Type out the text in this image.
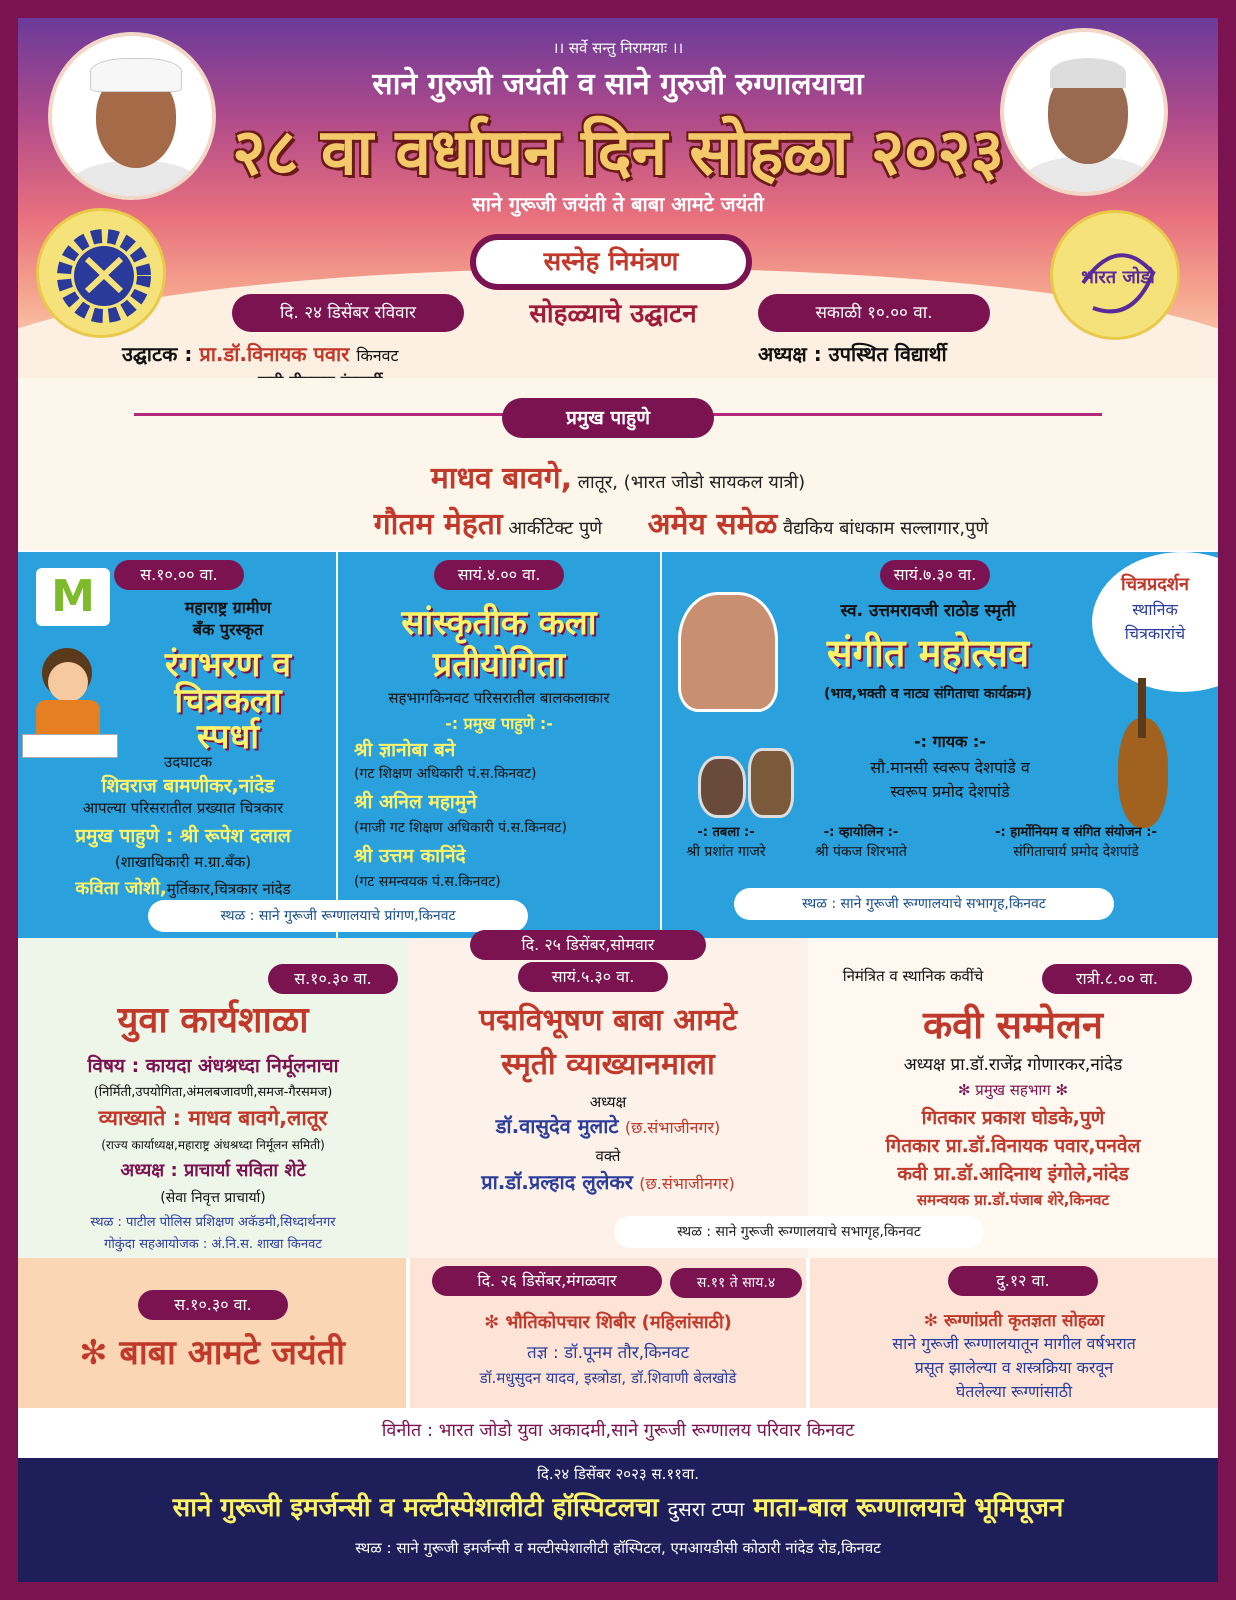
भारत जोडो
।। सर्वे सन्तु निरामयाः ।।
साने गुरुजी जयंती व साने गुरुजी रुग्णालयाचा
२८ वा वर्धापन दिन सोहळा २०२३
साने गुरूजी जयंती ते बाबा आमटे जयंती
सस्नेह निमंत्रण
दि. २४ डिसेंबर रविवार	सोहळ्याचे उद्घाटन	सकाळी १०.०० वा.
उद्घाटक : प्रा.डॉ.विनायक पवार किनवट	अध्यक्ष : उपस्थित विद्यार्थी
प्रमुख पाहुणे
माधव बावगे, लातूर, (भारत जोडो सायकल यात्री)
गौतम मेहता आर्कीटेक्ट पुणे	अमेय समेळ वैद्यकिय बांधकाम सल्लागार,पुणे
स.१०.०० वा.
M	महाराष्ट्र ग्रामीण
बँक पुरस्कृत
रंगभरण व
चित्रकला
स्पर्धा
उदघाटक
शिवराज बामणीकर,नांदेड
आपल्या परिसरातील प्रख्यात चित्रकार
प्रमुख पाहुणे : श्री रूपेश दलाल
(शाखाधिकारी म.ग्रा.बँक)
कविता जोशी,मुर्तिकार,चित्रकार नांदेड
स्थळ : साने गुरूजी रूग्णालयाचे प्रांगण,किनवट
सायं.४.०० वा.
सांस्कृतीक कला
प्रतीयोगिता
सहभागकिनवट परिसरातील बालकलाकार
-: प्रमुख पाहुणे :-
श्री ज्ञानोबा बने
(गट शिक्षण अधिकारी पं.स.किनवट)
श्री अनिल महामुने
(माजी गट शिक्षण अधिकारी पं.स.किनवट)
श्री उत्तम कानिंदे
(गट समन्वयक पं.स.किनवट)
सायं.७.३० वा.
स्व. उत्तमरावजी राठोड स्मृती
संगीत महोत्सव
(भाव,भक्ती व नाट्य संगिताचा कार्यक्रम)
-: गायक :-
सौ.मानसी स्वरूप देशपांडे व
स्वरूप प्रमोद देशपांडे
-: तबला :-
श्री प्रशांत गाजरे
-: व्हायोलिन :-
श्री पंकज शिरभाते
-: हार्मोनियम व संगित संयोजन :-
संगिताचार्य प्रमोद देशपांडे
स्थळ : साने गुरूजी रूग्णालयाचे सभागृह,किनवट
चित्रप्रदर्शन
स्थानिक
चित्रकारांचे
दि. २५ डिसेंबर,सोमवार
स.१०.३० वा.
युवा कार्यशाळा
विषय : कायदा अंधश्रध्दा निर्मूलनाचा
(निर्मिती,उपयोगिता,अंमलबजावणी,समज-गैरसमज)
व्याख्याते : माधव बावगे,लातूर
(राज्य कार्याध्यक्ष,महाराष्ट्र अंधश्रध्दा निर्मूलन समिती)
अध्यक्ष : प्राचार्या सविता शेटे
(सेवा निवृत्त प्राचार्या)
स्थळ : पाटील पोलिस प्रशिक्षण अकॅडमी,सिध्दार्थनगर
गोकुंदा सहआयोजक : अं.नि.स. शाखा किनवट
सायं.५.३० वा.
पद्मविभूषण बाबा आमटे
स्मृती व्याख्यानमाला
अध्यक्ष
डॉ.वासुदेव मुलाटे (छ.संभाजीनगर)
वक्ते
प्रा.डॉ.प्रल्हाद लुलेकर (छ.संभाजीनगर)
स्थळ : साने गुरूजी रूग्णालयाचे सभागृह,किनवट
निमंत्रित व स्थानिक कवींचे	रात्री.८.०० वा.
कवी सम्मेलन
अध्यक्ष प्रा.डॉ.राजेंद्र गोणारकर,नांदेड
✻ प्रमुख सहभाग ✻
गितकार प्रकाश घोडके,पुणे
गितकार प्रा.डॉ.विनायक पवार,पनवेल
कवी प्रा.डॉ.आदिनाथ इंगोले,नांदेड
समन्वयक प्रा.डॉ.पंजाब शेरे,किनवट
स.१०.३० वा.
✻ बाबा आमटे जयंती
दि. २६ डिसेंबर,मंगळवार	स.११ ते साय.४
✻ भौतिकोपचार शिबीर (महिलांसाठी)
तज्ञ : डॉ.पूनम तौर,किनवट
डॉ.मधुसुदन यादव, इस्त्रोडा, डॉ.शिवाणी बेलखोडे
दु.१२ वा.
✻ रूग्णांप्रती कृतज्ञता सोहळा
साने गुरूजी रूग्णालयातून मागील वर्षभरात
प्रसूत झालेल्या व शस्त्रक्रिया करवून
घेतलेल्या रूग्णांसाठी
विनीत : भारत जोडो युवा अकादमी,साने गुरूजी रूग्णालय परिवार किनवट
दि.२४ डिसेंबर २०२३ स.११वा.
साने गुरूजी इमर्जन्सी व मल्टीस्पेशालीटी हॉस्पिटलचा दुसरा टप्पा माता-बाल रूग्णालयाचे भूमिपूजन
स्थळ : साने गुरूजी इमर्जन्सी व मल्टीस्पेशालीटी हॉस्पिटल, एमआयडीसी कोठारी नांदेड रोड,किनवट
